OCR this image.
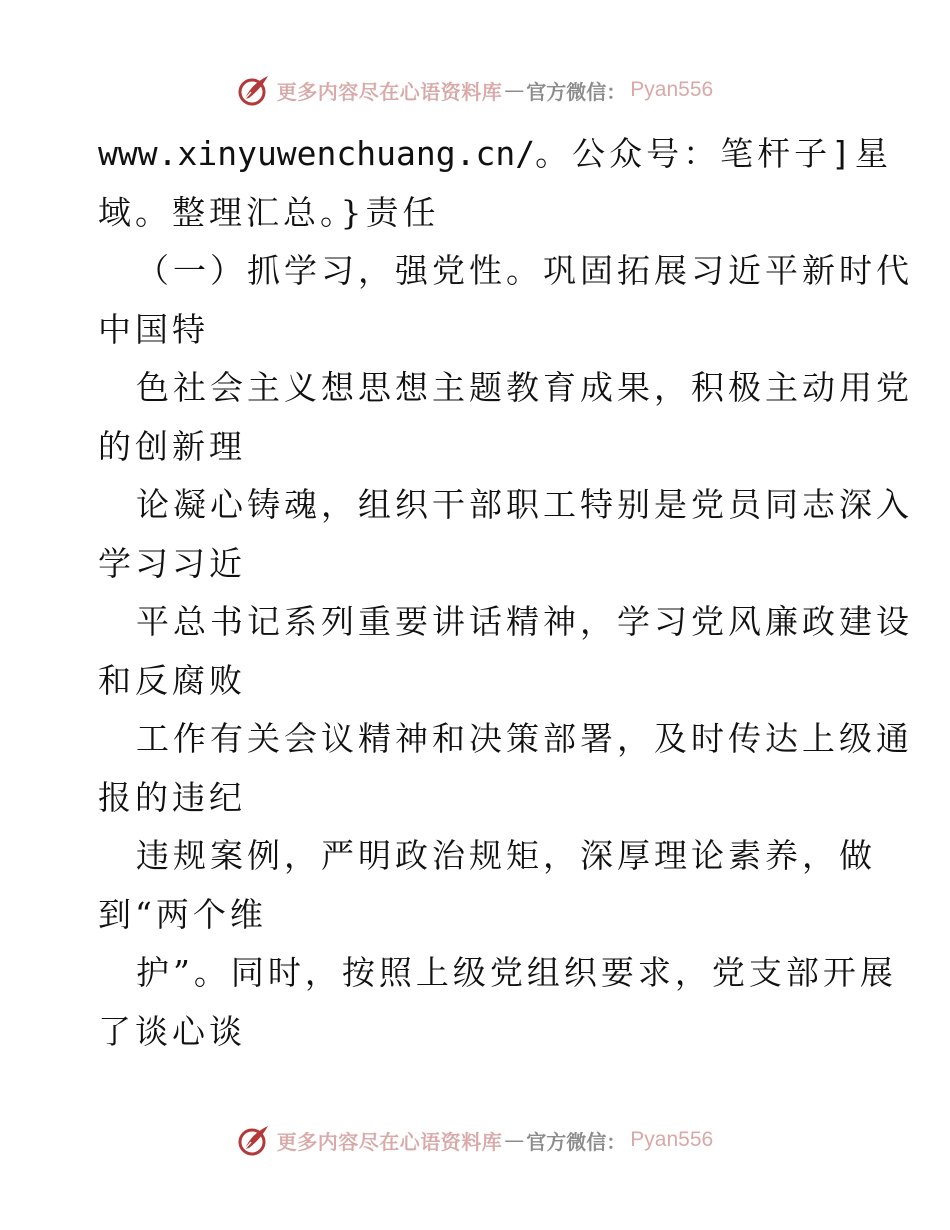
更多内容尽在心语资料库 — 官方微信： Pyan556
www.xinyuwenchuang.cn/。公众号：笔杆子]星
域。整理汇总。}责任
（一）抓学习，强党性。巩固拓展习近平新时代
中国特
色社会主义想思想主题教育成果，积极主动用党
的创新理
论凝心铸魂，组织干部职工特别是党员同志深入
学习习近
平总书记系列重要讲话精神，学习党风廉政建设
和反腐败
工作有关会议精神和决策部署，及时传达上级通
报的违纪
违规案例，严明政治规矩，深厚理论素养，做
到“两个维
护”。同时，按照上级党组织要求，党支部开展
了谈心谈
更多内容尽在心语资料库 — 官方微信： Pyan556
